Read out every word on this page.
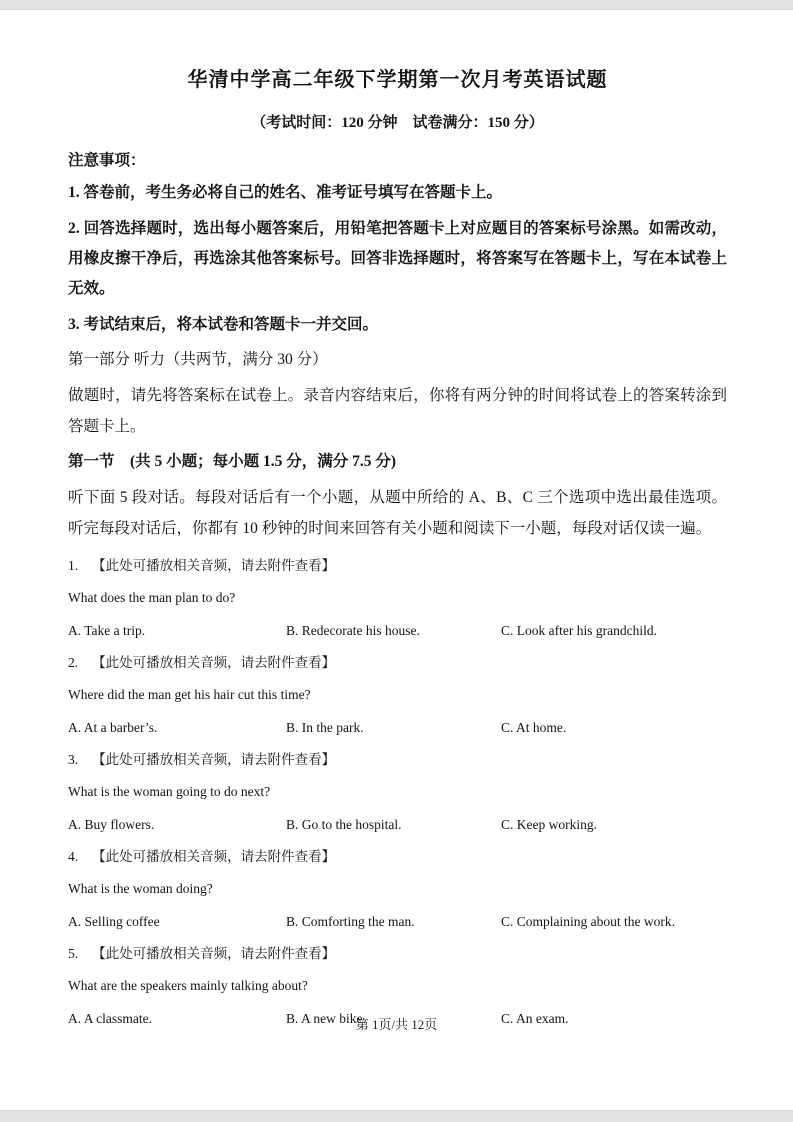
华清中学高二年级下学期第一次月考英语试题
（考试时间：120 分钟　试卷满分：150 分）
注意事项：
1. 答卷前，考生务必将自己的姓名、准考证号填写在答题卡上。
2. 回答选择题时，选出每小题答案后，用铅笔把答题卡上对应题目的答案标号涂黑。如需改动，用橡皮擦干净后，再选涂其他答案标号。回答非选择题时，将答案写在答题卡上，写在本试卷上无效。
3. 考试结束后，将本试卷和答题卡一并交回。
第一部分 听力（共两节，满分 30 分）
做题时，请先将答案标在试卷上。录音内容结束后，你将有两分钟的时间将试卷上的答案转涂到答题卡上。
第一节　(共 5 小题；每小题 1.5 分，满分 7.5 分)
听下面 5 段对话。每段对话后有一个小题，从题中所给的 A、B、C 三个选项中选出最佳选项。听完每段对话后，你都有 10 秒钟的时间来回答有关小题和阅读下一小题，每段对话仅读一遍。
1. 【此处可播放相关音频，请去附件查看】
What does the man plan to do?
A. Take a trip.	B. Redecorate his house.	C. Look after his grandchild.
2. 【此处可播放相关音频，请去附件查看】
Where did the man get his hair cut this time?
A. At a barber’s.	B. In the park.	C. At home.
3. 【此处可播放相关音频，请去附件查看】
What is the woman going to do next?
A. Buy flowers.	B. Go to the hospital.	C. Keep working.
4. 【此处可播放相关音频，请去附件查看】
What is the woman doing?
A. Selling coffee	B. Comforting the man.	C. Complaining about the work.
5. 【此处可播放相关音频，请去附件查看】
What are the speakers mainly talking about?
A. A classmate.	B. A new bike.	C. An exam.
第 1页/共 12页
